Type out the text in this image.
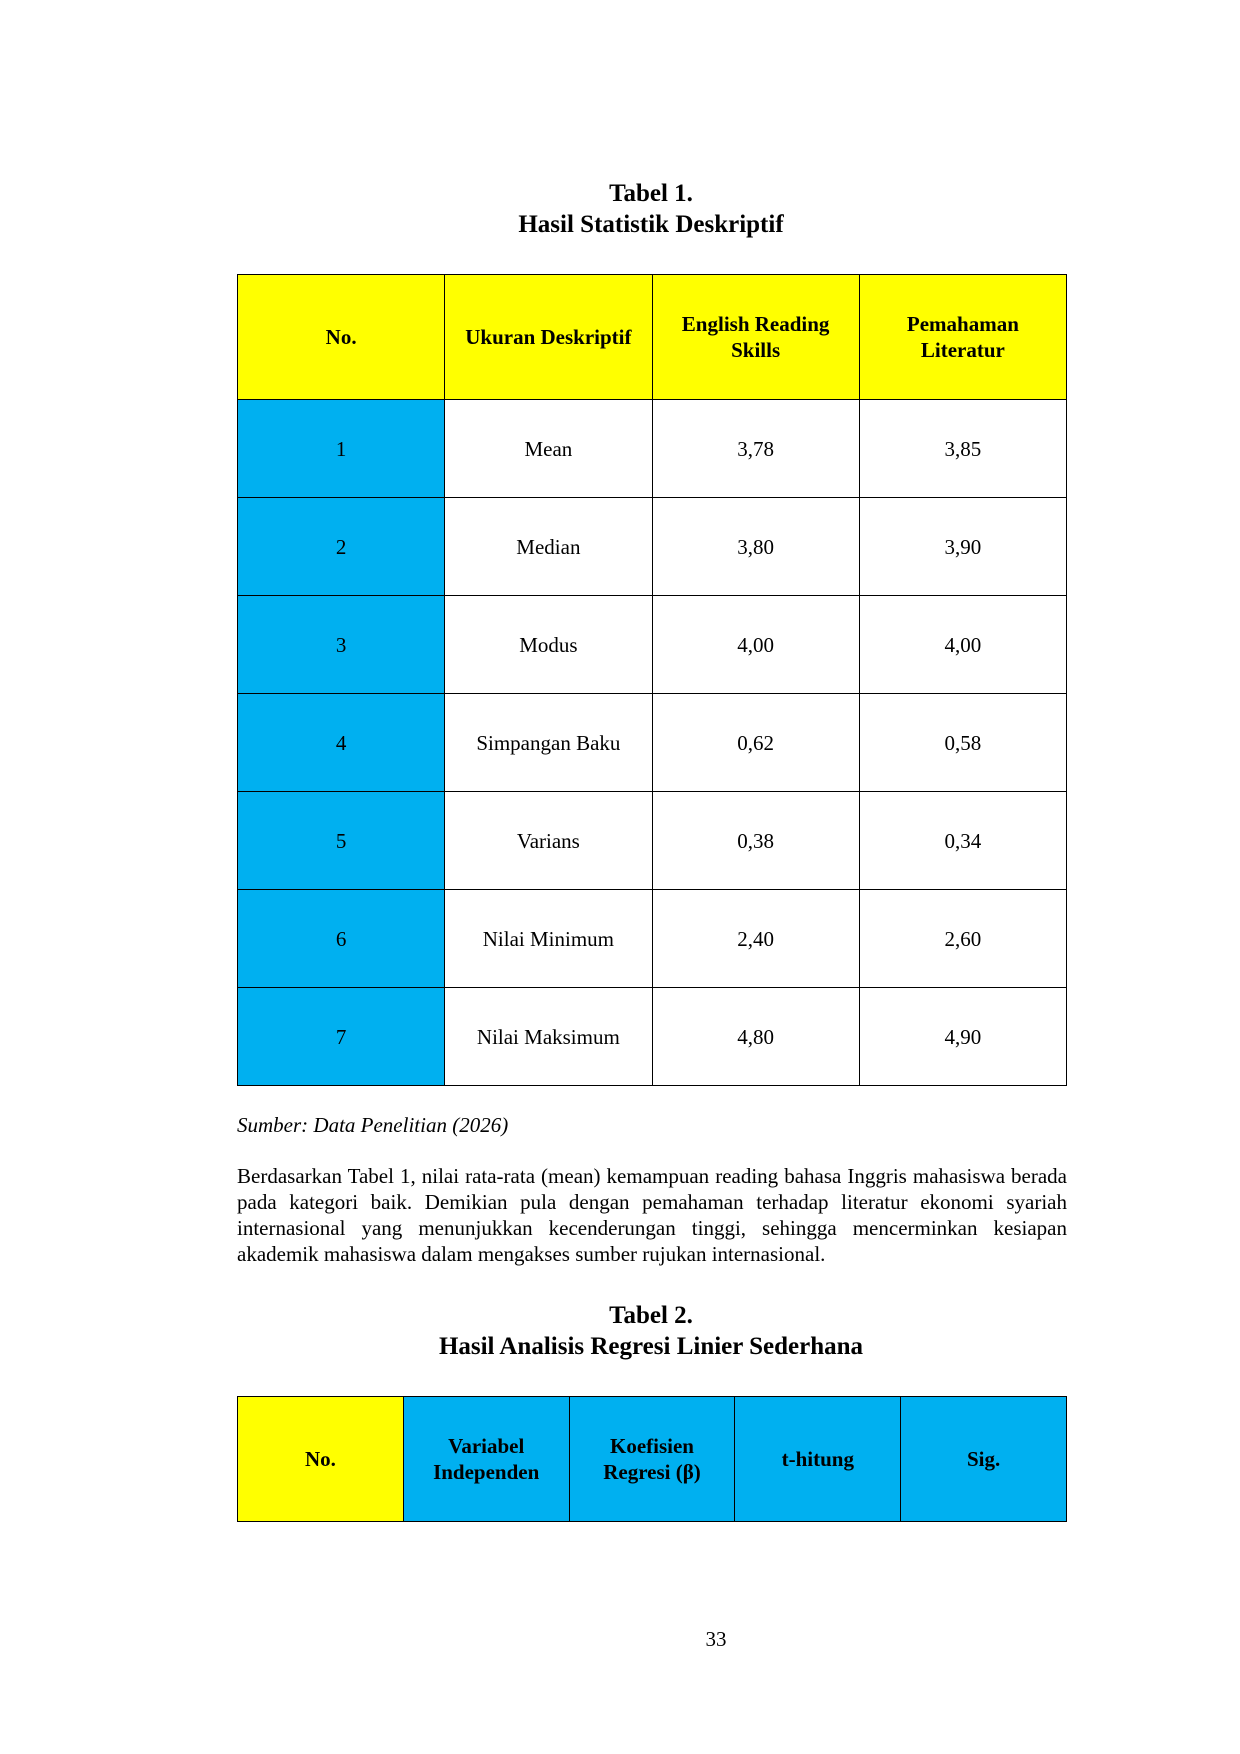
Tabel 1.
Hasil Statistik Deskriptif
No.	Ukuran Deskriptif	English Reading Skills	Pemahaman Literatur
1	Mean	3,78	3,85
2	Median	3,80	3,90
3	Modus	4,00	4,00
4	Simpangan Baku	0,62	0,58
5	Varians	0,38	0,34
6	Nilai Minimum	2,40	2,60
7	Nilai Maksimum	4,80	4,90
Sumber: Data Penelitian (2026)
Berdasarkan Tabel 1, nilai rata-rata (mean) kemampuan reading bahasa Inggris mahasiswa berada pada kategori baik. Demikian pula dengan pemahaman terhadap literatur ekonomi syariah internasional yang menunjukkan kecenderungan tinggi, sehingga mencerminkan kesiapan akademik mahasiswa dalam mengakses sumber rujukan internasional.
Tabel 2.
Hasil Analisis Regresi Linier Sederhana
No.	Variabel Independen	Koefisien Regresi (β)	t-hitung	Sig.
33
